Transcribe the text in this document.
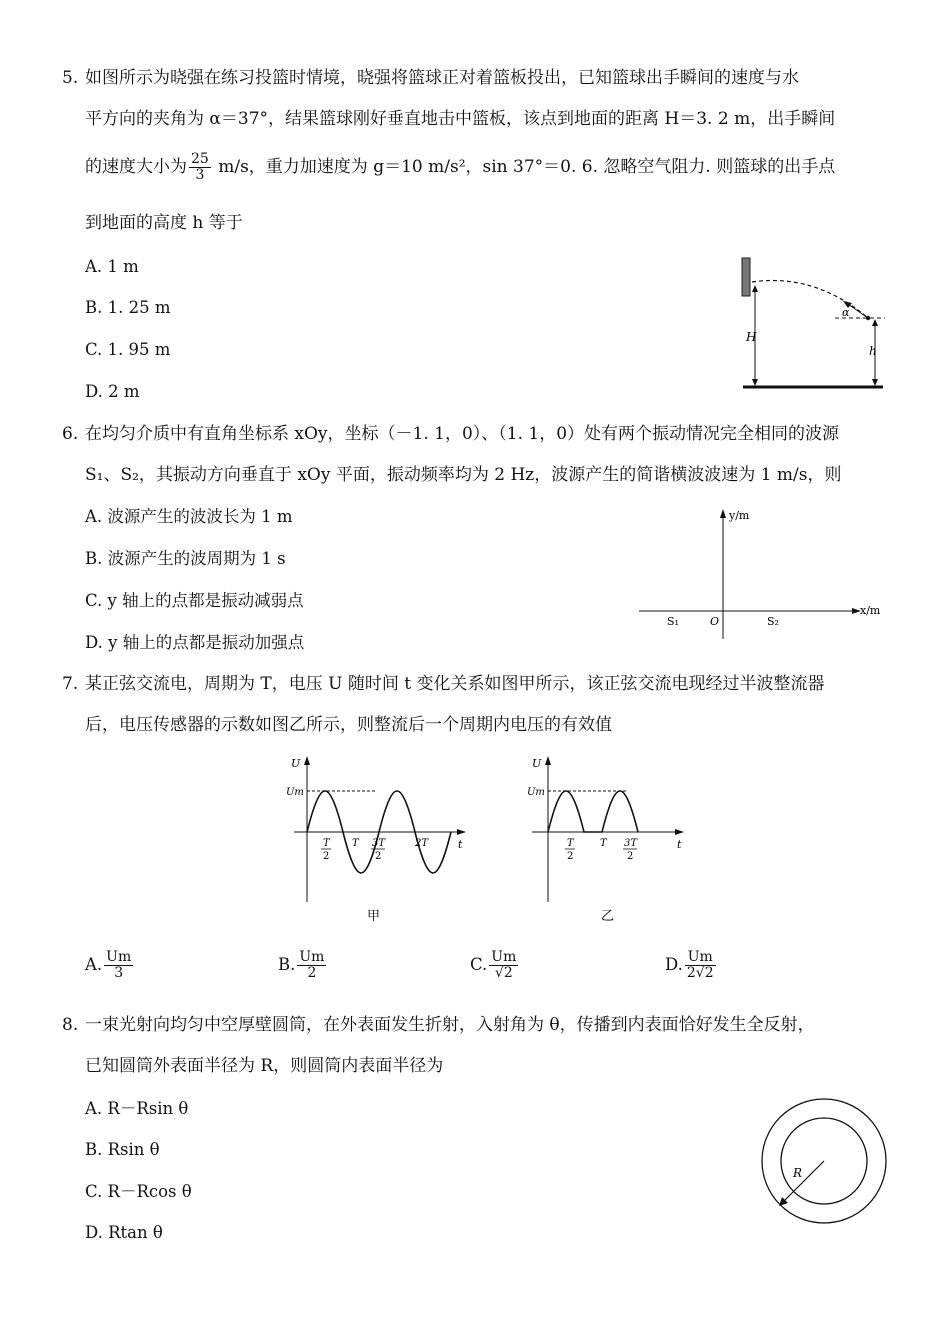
5. 如图所示为晓强在练习投篮时情境，晓强将篮球正对着篮板投出，已知篮球出手瞬间的速度与水
平方向的夹角为 α＝37°，结果篮球刚好垂直地击中篮板，该点到地面的距离 H＝3. 2 m，出手瞬间
的速度大小为 $\frac{25}{3} m/s$，重力加速度为 g＝10 m/s²，sin 37°＝0. 6. 忽略空气阻力. 则篮球的出手点
到地面的高度 h 等于
A. 1 m
B. 1. 25 m
C. 1. 95 m
D. 2 m
α
H
h
6. 在均匀介质中有直角坐标系 xOy，坐标（－1. 1，0）、（1. 1，0）处有两个振动情况完全相同的波源
S₁、S₂，其振动方向垂直于 xOy 平面，振动频率均为 2 Hz，波源产生的简谐横波波速为 1 m/s，则
A. 波源产生的波波长为 1 m
B. 波源产生的波周期为 1 s
C. y 轴上的点都是振动减弱点
D. y 轴上的点都是振动加强点
y/m
x/m
O
S₁	S₂
7. 某正弦交流电，周期为 T，电压 U 随时间 t 变化关系如图甲所示，该正弦交流电现经过半波整流器
后，电压传感器的示数如图乙所示，则整流后一个周期内电压的有效值
U
Um
t
T
2
T 3T
2
2T
甲
U
Um
t
T
2
T 3T
2
乙
A. $\frac{Um}{3}$	B. $\frac{Um}{2}$	C. $\frac{Um}{√2}$	D. $\frac{Um}{2√2}$
8. 一束光射向均匀中空厚壁圆筒，在外表面发生折射，入射角为 θ，传播到内表面恰好发生全反射，
已知圆筒外表面半径为 R，则圆筒内表面半径为
A. R－Rsin θ
B. Rsin θ
C. R－Rcos θ
D. Rtan θ
R
